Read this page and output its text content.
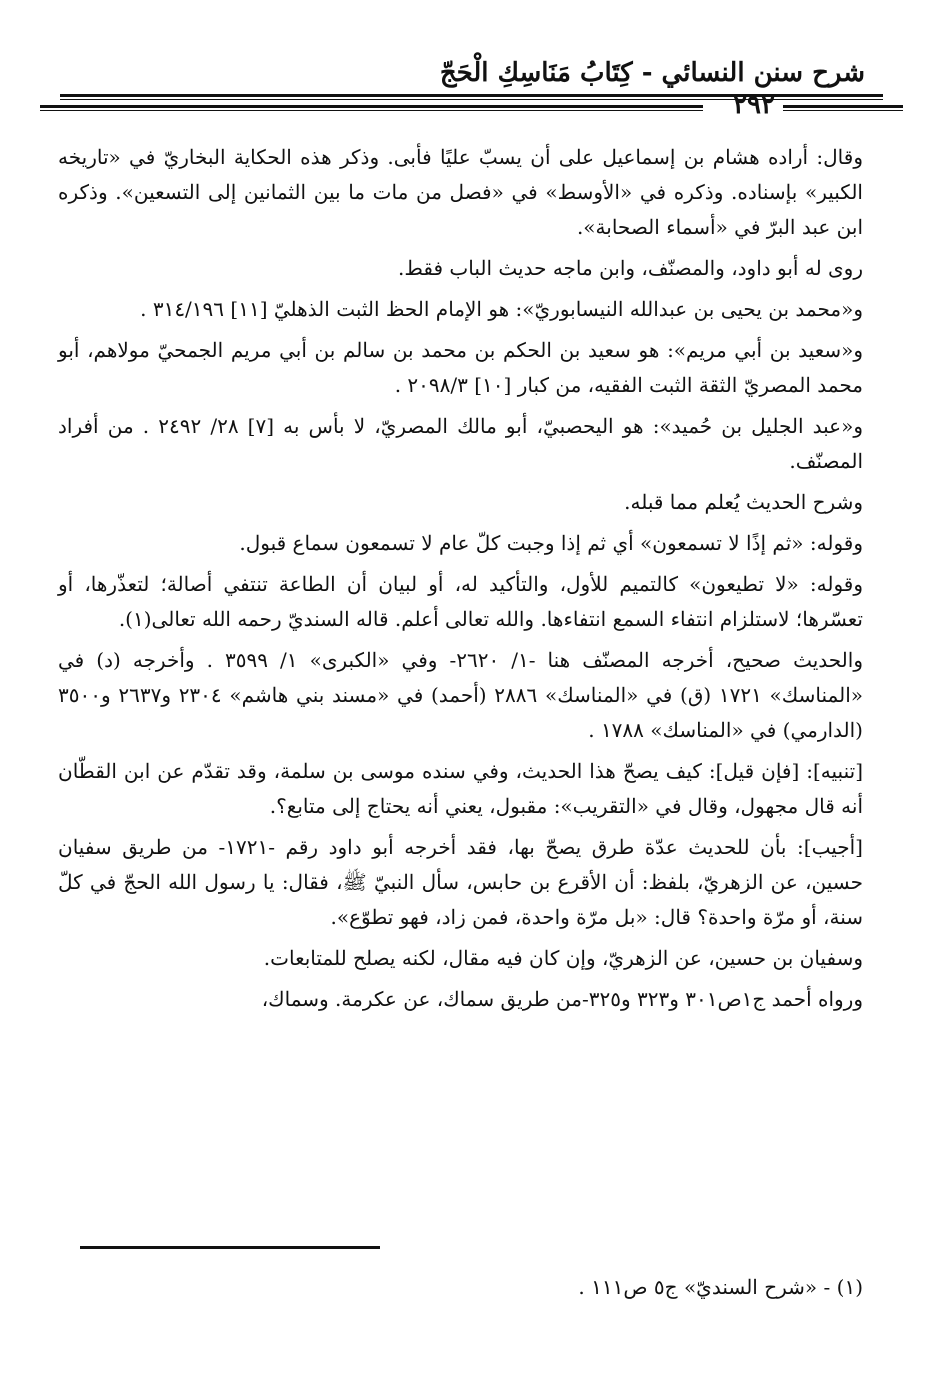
شرح سنن النسائي - كِتَابُ مَنَاسِكِ الْحَجّ
٢٩٢

وقال: أراده هشام بن إسماعيل على أن يسبّ عليًا فأبى. وذكر هذه الحكاية البخاريّ في «تاريخه الكبير» بإسناده. وذكره في «الأوسط» في «فصل من مات ما بين الثمانين إلى التسعين». وذكره ابن عبد البرّ في «أسماء الصحابة».

روى له أبو داود، والمصنّف، وابن ماجه حديث الباب فقط.

و«محمد بن يحيى بن عبدالله النيسابوريّ»: هو الإمام الحظ الثبت الذهليّ [١١] ٣١٤/١٩٦ .

و«سعيد بن أبي مريم»: هو سعيد بن الحكم بن محمد بن سالم بن أبي مريم الجمحيّ مولاهم، أبو محمد المصريّ الثقة الثبت الفقيه، من كبار [١٠] ٢٠٩٨/٣ .

و«عبد الجليل بن حُميد»: هو اليحصبيّ، أبو مالك المصريّ، لا بأس به [٧] ٢٨/ ٢٤٩٢ . من أفراد المصنّف.

وشرح الحديث يُعلم مما قبله.

وقوله: «ثم إذًا لا تسمعون» أي ثم إذا وجبت كلّ عام لا تسمعون سماع قبول.

وقوله: «لا تطيعون» كالتميم للأول، والتأكيد له، أو لبيان أن الطاعة تنتفي أصالة؛ لتعذّرها، أو تعسّرها؛ لاستلزام انتفاء السمع انتفاءها. والله تعالى أعلم. قاله السنديّ رحمه الله تعالى(١).

والحديث صحيح، أخرجه المصنّف هنا -١/ ٢٦٢٠- وفي «الكبرى» ١/ ٣٥٩٩ . وأخرجه (د) في «المناسك» ١٧٢١ (ق) في «المناسك» ٢٨٨٦ (أحمد) في «مسند بني هاشم» ٢٣٠٤ و٢٦٣٧ و٣٥٠٠ (الدارمي) في «المناسك» ١٧٨٨ .

[تنبيه]: [فإن قيل]: كيف يصحّ هذا الحديث، وفي سنده موسى بن سلمة، وقد تقدّم عن ابن القطّان أنه قال مجهول، وقال في «التقريب»: مقبول، يعني أنه يحتاج إلى متابع؟.

[أجيب]: بأن للحديث عدّة طرق يصحّ بها، فقد أخرجه أبو داود رقم -١٧٢١- من طريق سفيان حسين، عن الزهريّ، بلفظ: أن الأقرع بن حابس، سأل النبيّ ﷺ، فقال: يا رسول الله الحجّ في كلّ سنة، أو مرّة واحدة؟ قال: «بل مرّة واحدة، فمن زاد، فهو تطوّع».

وسفيان بن حسين، عن الزهريّ، وإن كان فيه مقال، لكنه يصلح للمتابعات.

ورواه أحمد ج١ص٣٠١ و٣٢٣ و٣٢٥-من طريق سماك، عن عكرمة. وسماك،

(١) - «شرح السنديّ» ج٥ ص١١١ .
